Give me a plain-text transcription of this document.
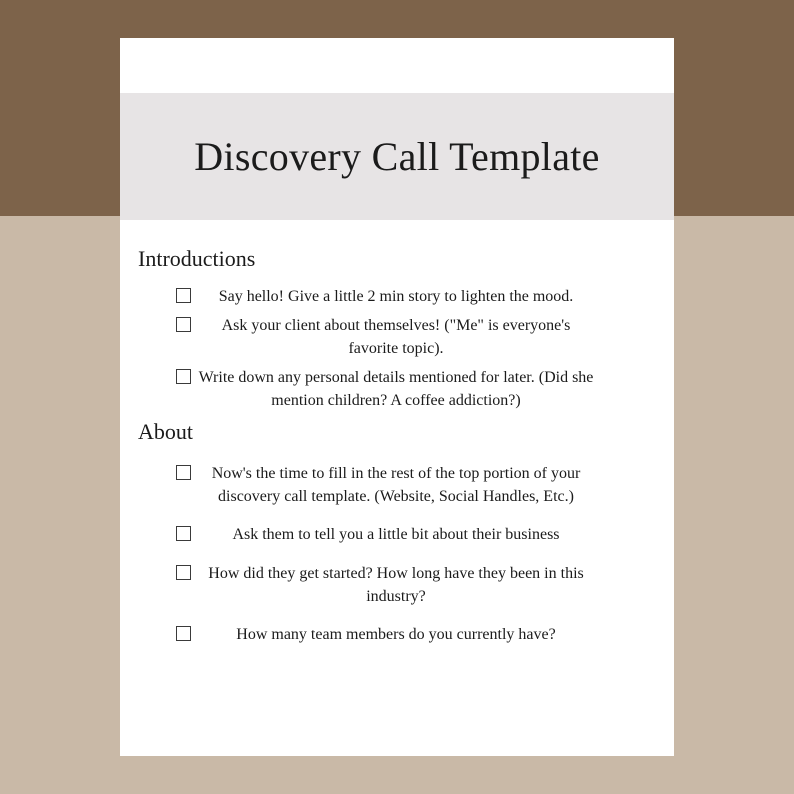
Discovery Call Template
Introductions

Say hello! Give a little 2 min story to lighten the mood.

Ask your client about themselves! ("Me" is everyone's favorite topic).

Write down any personal details mentioned for later. (Did she mention children? A coffee addiction?)

About

Now's the time to fill in the rest of the top portion of your discovery call template. (Website, Social Handles, Etc.)

Ask them to tell you a little bit about their business

How did they get started? How long have they been in this industry?

How many team members do you currently have?
